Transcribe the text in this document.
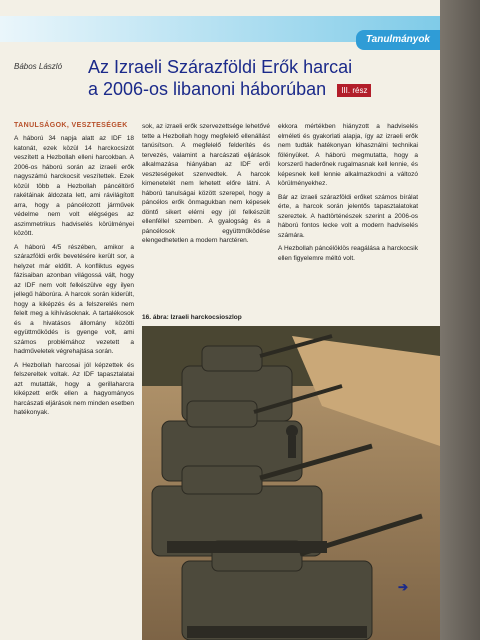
Tanulmányok
Bábos László Az Izraeli Szárazföldi Erők harcai
a 2006-os libanoni háborúban III. rész
TANULSÁGOK, VESZTESÉGEK

A háború 34 napja alatt az IDF 18 katonát, ezek közül 14 harckocsizót veszített a Hezbollah elleni harcokban. A 2006-os háború során az izraeli erők nagyszámú harckocsit veszítettek. Ezek közül több a Hezbollah páncéltörő rakétáinak áldozata lett, ami rávilágított arra, hogy a páncélozott járművek védelme nem volt elégséges az aszimmetrikus hadviselés körülményei között.

A háború 4/5 részében, amikor a szárazföldi erők bevetésére került sor, a helyzet már eldőlt. A konfliktus egyes fázisaiban azonban világossá vált, hogy az IDF nem volt felkészülve egy ilyen jellegű háborúra. A harcok során kiderült, hogy a kiképzés és a felszerelés nem felelt meg a kihívásoknak. A tartalékosok és a hivatásos állomány közötti együttműködés is gyenge volt, ami számos problémához vezetett a hadműveletek végrehajtása során.

A Hezbollah harcosai jól képzettek és felszereltek voltak. Az IDF tapasztalatai azt mutatták, hogy a gerillaharcra kiképzett erők ellen a hagyományos harcászati eljárások nem minden esetben hatékonyak.

sok, az izraeli erők szervezettsége lehetővé tette a Hezbollah hogy megfelelő ellenállást tanúsítson. A megfelelő felderítés és tervezés, valamint a harcászati eljárások alkalmazása hiányában az IDF erői veszteségeket szenvedtek. A harcok kimenetelét nem lehetett előre látni. A háború tanulságai között szerepel, hogy a páncélos erők önmagukban nem képesek döntő sikert elérni egy jól felkészült ellenféllel szemben. A gyalogság és a páncélosok együttműködése elengedhetetlen a modern harctéren.

ekkora mértékben hiányzott a hadviselés elméleti és gyakorlati alapja, így az izraeli erők nem tudták hatékonyan kihasználni technikai fölényüket. A háború megmutatta, hogy a korszerű haderőnek rugalmasnak kell lennie, és képesnek kell lennie alkalmazkodni a változó körülményekhez.

Bár az izraeli szárazföldi erőket számos bírálat érte, a harcok során jelentős tapasztalatokat szereztek. A hadtörténészek szerint a 2006-os háború fontos lecke volt a modern hadviselés számára.

A Hezbollah páncélöklös reagálása a harckocsik ellen figyelemre méltó volt.

16. ábra: Izraeli harckocsioszlop
➔
